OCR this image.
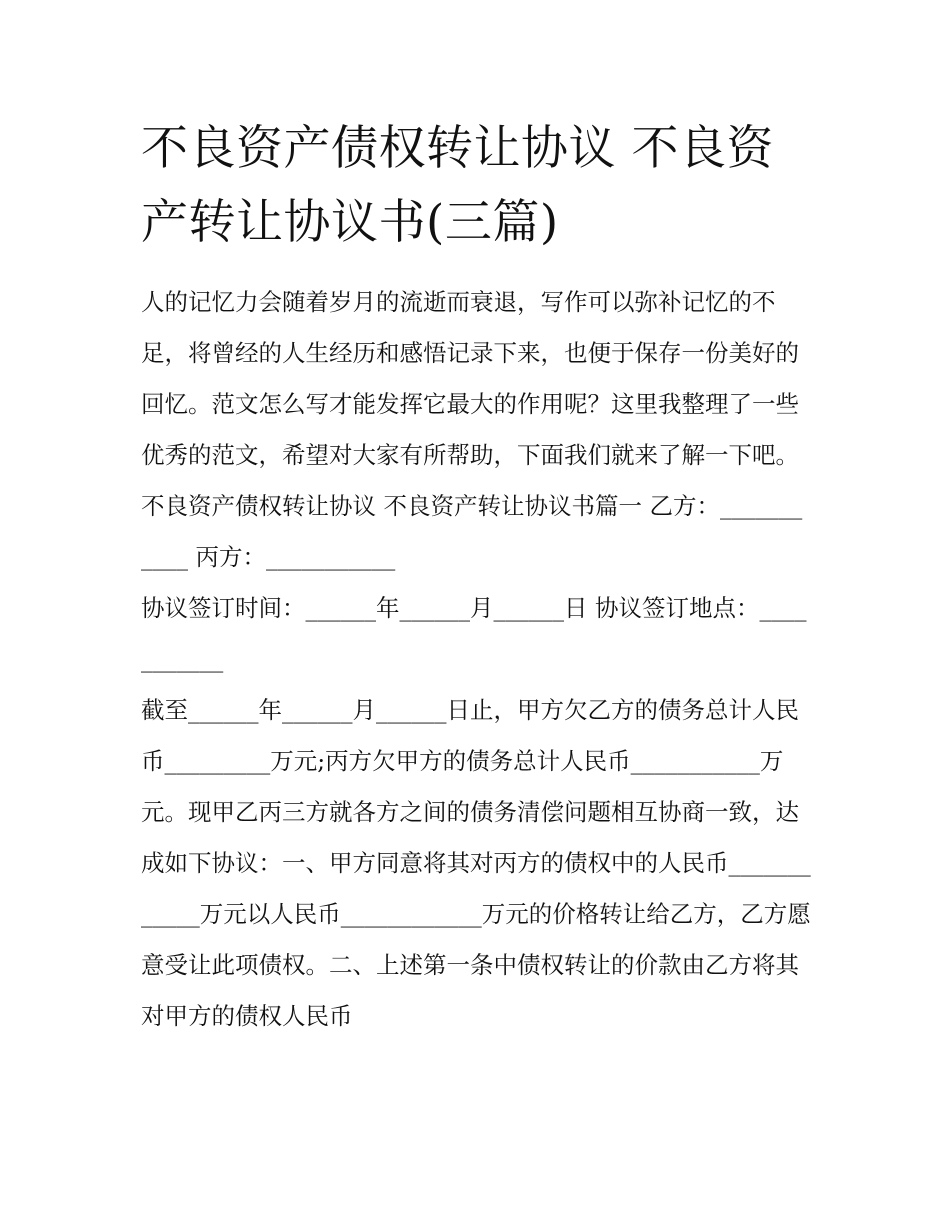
不良资产债权转让协议 不良资
产转让协议书(三篇)

人的记忆力会随着岁月的流逝而衰退，写作可以弥补记忆的不足，将曾经的人生经历和感悟记录下来，也便于保存一份美好的回忆。范文怎么写才能发挥它最大的作用呢？这里我整理了一些优秀的范文，希望对大家有所帮助，下面我们就来了解一下吧。

不良资产债权转让协议 不良资产转让协议书篇一 乙方：___________ 丙方：___________

协议签订时间：______年______月______日 协议签订地点：___________

截至______年______月______日止，甲方欠乙方的债务总计人民币_________万元;丙方欠甲方的债务总计人民币___________万元。现甲乙丙三方就各方之间的债务清偿问题相互协商一致，达成如下协议：一、甲方同意将其对丙方的债权中的人民币____________万元以人民币____________万元的价格转让给乙方，乙方愿意受让此项债权。二、上述第一条中债权转让的价款由乙方将其对甲方的债权人民币
